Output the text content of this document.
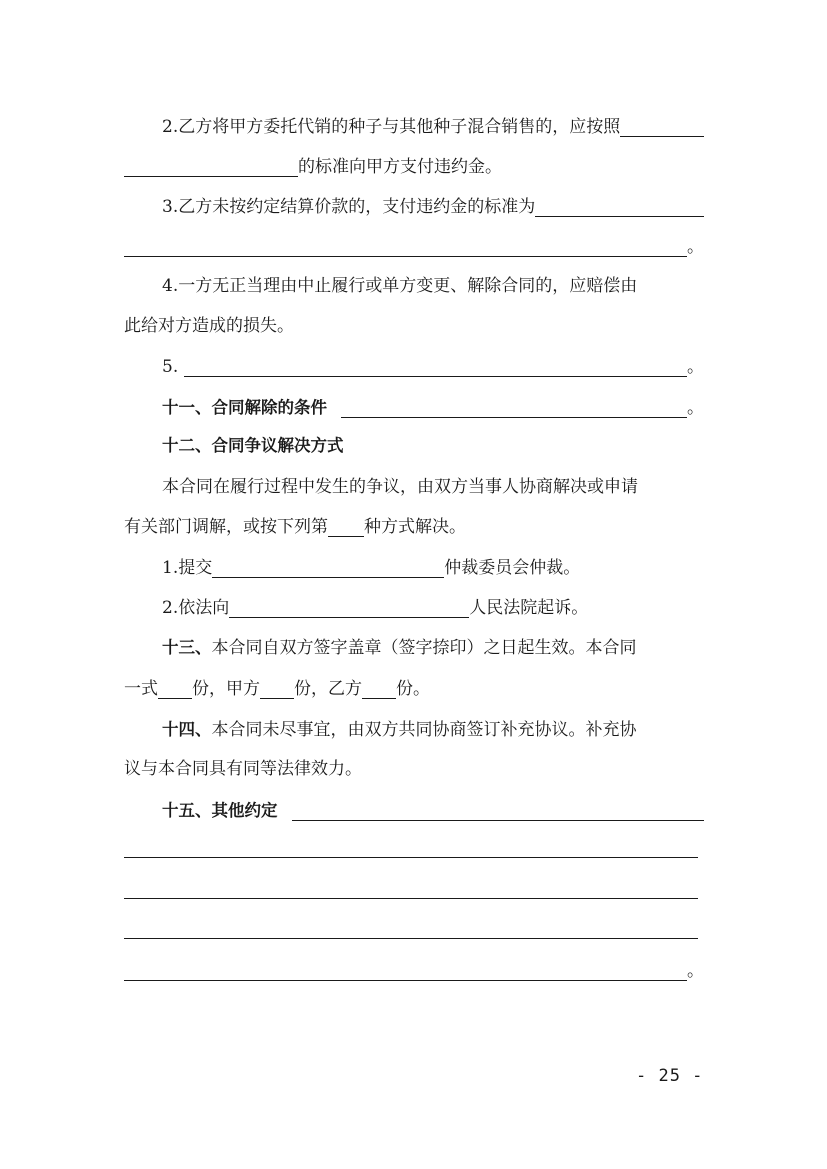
2.乙方将甲方委托代销的种子与其他种子混合销售的，应按照
的标准向甲方支付违约金。
3.乙方未按约定结算价款的，支付违约金的标准为
。
4.一方无正当理由中止履行或单方变更、解除合同的，应赔偿由
此给对方造成的损失。
5.	。
十一、合同解除的条件	。
十二、合同争议解决方式
本合同在履行过程中发生的争议，由双方当事人协商解决或申请
有关部门调解，或按下列第 种方式解决。
1.提交	仲裁委员会仲裁。
2.依法向	人民法院起诉。
十三、 本合同自双方签字盖章（签字捺印）之日起生效。本合同
一式 份，甲方 份，乙方 份。
十四、 本合同未尽事宜，由双方共同协商签订补充协议。补充协
议与本合同具有同等法律效力。
十五、其他约定
。
- 25 -
